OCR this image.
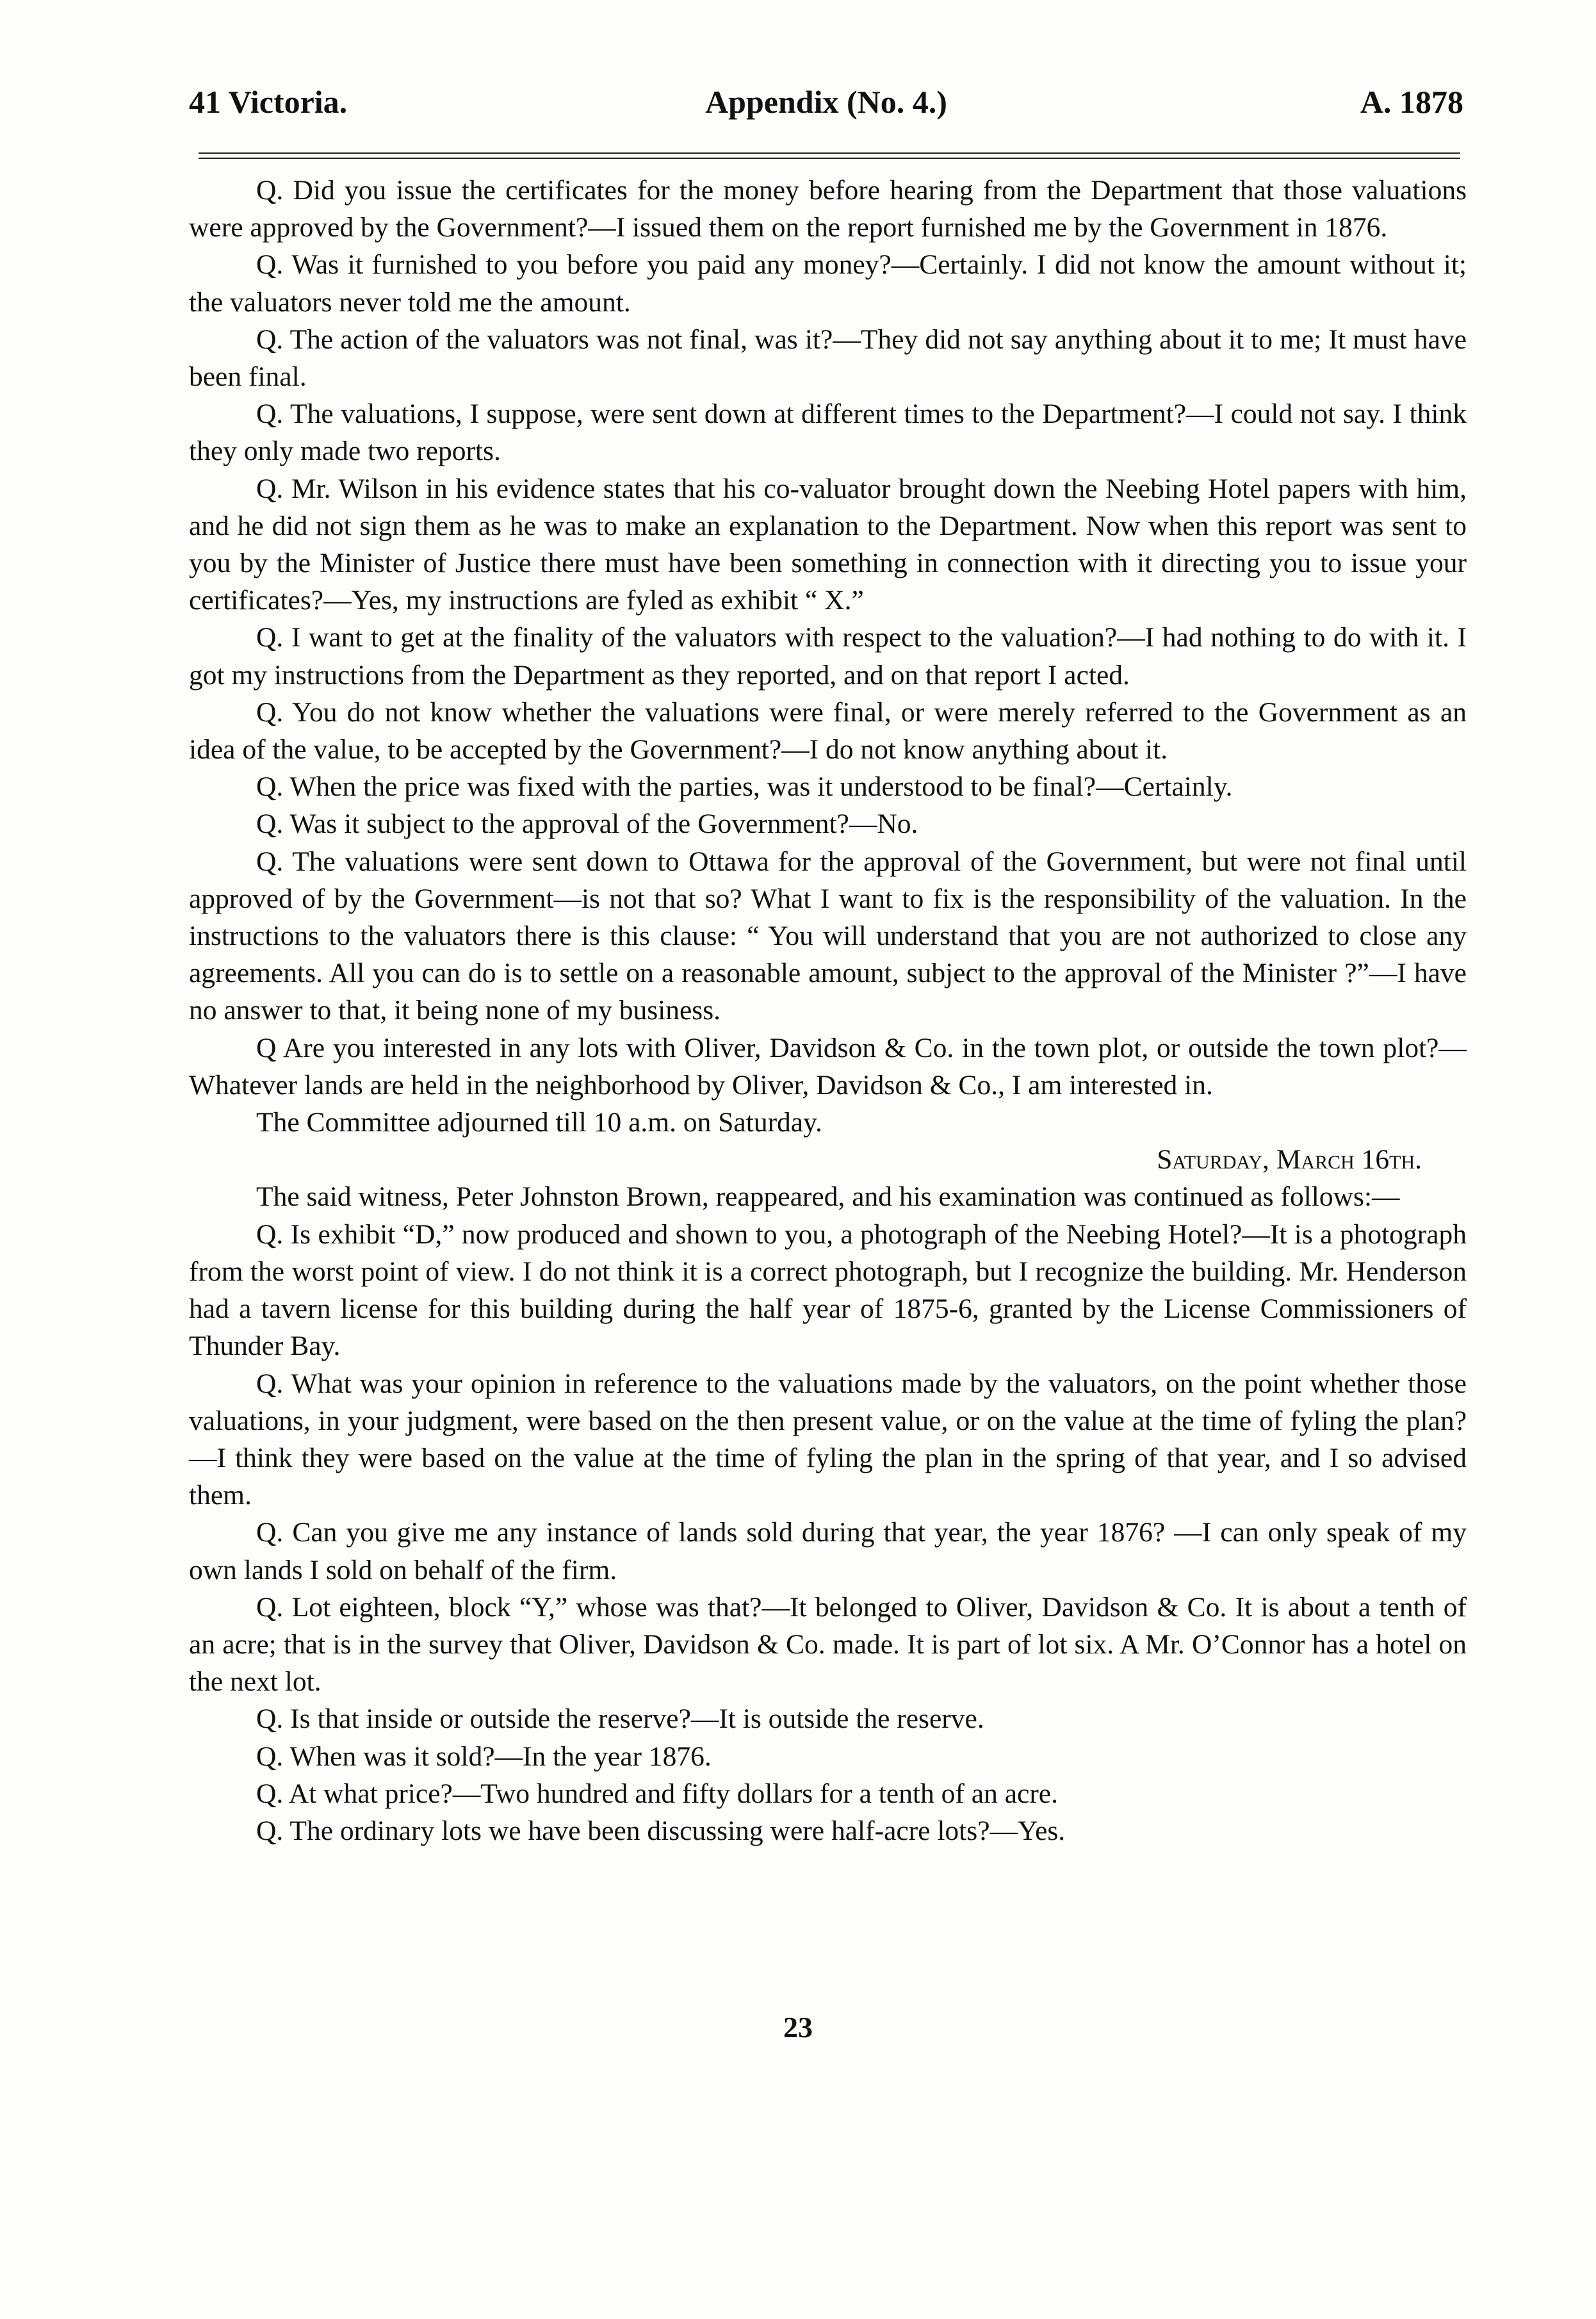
41 Victoria.	Appendix (No. 4.)	A. 1878

Q. Did you issue the certificates for the money before hearing from the Department that those valuations were approved by the Government?—I issued them on the report furnished me by the Government in 1876.

Q. Was it furnished to you before you paid any money?—Certainly. I did not know the amount without it; the valuators never told me the amount.

Q. The action of the valuators was not final, was it?—They did not say anything about it to me; It must have been final.

Q. The valuations, I suppose, were sent down at different times to the Department?—I could not say. I think they only made two reports.

Q. Mr. Wilson in his evidence states that his co-valuator brought down the Neebing Hotel papers with him, and he did not sign them as he was to make an explanation to the Department. Now when this report was sent to you by the Minister of Justice there must have been something in connection with it directing you to issue your certificates?—Yes, my instructions are fyled as exhibit “ X.”

Q. I want to get at the finality of the valuators with respect to the valuation?—I had nothing to do with it. I got my instructions from the Department as they reported, and on that report I acted.

Q. You do not know whether the valuations were final, or were merely referred to the Government as an idea of the value, to be accepted by the Government?—I do not know anything about it.

Q. When the price was fixed with the parties, was it understood to be final?—Certainly.

Q. Was it subject to the approval of the Government?—No.

Q. The valuations were sent down to Ottawa for the approval of the Government, but were not final until approved of by the Government—is not that so? What I want to fix is the responsibility of the valuation. In the instructions to the valuators there is this clause: “ You will understand that you are not authorized to close any agreements. All you can do is to settle on a reasonable amount, subject to the approval of the Minister ?”—I have no answer to that, it being none of my business.

Q Are you interested in any lots with Oliver, Davidson & Co. in the town plot, or outside the town plot?—Whatever lands are held in the neighborhood by Oliver, Davidson & Co., I am interested in.

The Committee adjourned till 10 a.m. on Saturday.

Saturday, March 16th.

The said witness, Peter Johnston Brown, reappeared, and his examination was continued as follows:—

Q. Is exhibit “D,” now produced and shown to you, a photograph of the Neebing Hotel?—It is a photograph from the worst point of view. I do not think it is a correct photograph, but I recognize the building. Mr. Henderson had a tavern license for this building during the half year of 1875-6, granted by the License Commissioners of Thunder Bay.

Q. What was your opinion in reference to the valuations made by the valuators, on the point whether those valuations, in your judgment, were based on the then present value, or on the value at the time of fyling the plan?—I think they were based on the value at the time of fyling the plan in the spring of that year, and I so advised them.

Q. Can you give me any instance of lands sold during that year, the year 1876? —I can only speak of my own lands I sold on behalf of the firm.

Q. Lot eighteen, block “Y,” whose was that?—It belonged to Oliver, Davidson & Co. It is about a tenth of an acre; that is in the survey that Oliver, Davidson & Co. made. It is part of lot six. A Mr. O’Connor has a hotel on the next lot.

Q. Is that inside or outside the reserve?—It is outside the reserve.

Q. When was it sold?—In the year 1876.

Q. At what price?—Two hundred and fifty dollars for a tenth of an acre.

Q. The ordinary lots we have been discussing were half-acre lots?—Yes.

23
